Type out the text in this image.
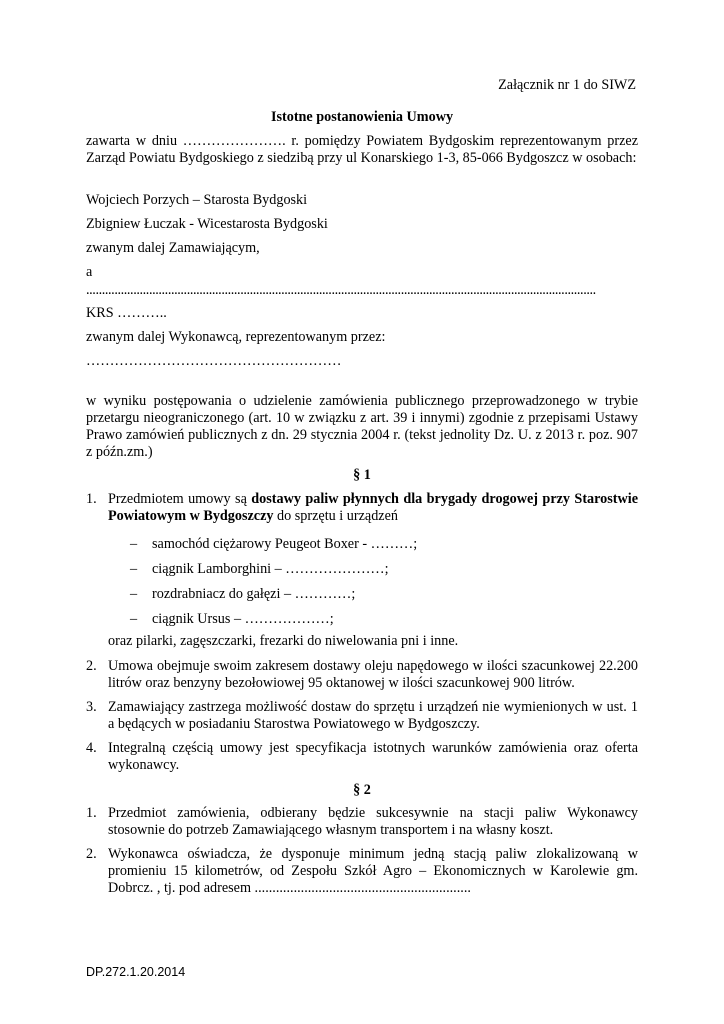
Załącznik nr 1 do SIWZ
Istotne postanowienia Umowy
zawarta w dniu …………………. r. pomiędzy Powiatem Bydgoskim reprezentowanym przez Zarząd Powiatu Bydgoskiego z siedzibą przy ul Konarskiego 1-3, 85-066 Bydgoszcz w osobach:
Wojciech Porzych – Starosta Bydgoski
Zbigniew Łuczak - Wicestarosta Bydgoski
zwanym dalej Zamawiającym,
a
..................................................................................................................................................................
KRS ………..
zwanym dalej Wykonawcą, reprezentowanym przez:
………………………………………………
w wyniku postępowania o udzielenie zamówienia publicznego przeprowadzonego w trybie przetargu nieograniczonego (art. 10 w związku z art. 39 i innymi) zgodnie z przepisami Ustawy Prawo zamówień publicznych z dn. 29 stycznia 2004 r. (tekst jednolity Dz. U. z 2013 r. poz. 907 z późn.zm.)
§ 1
1. Przedmiotem umowy są dostawy paliw płynnych dla brygady drogowej przy Starostwie Powiatowym w Bydgoszczy do sprzętu i urządzeń
– samochód ciężarowy Peugeot Boxer - ………;
– ciągnik Lamborghini – …………………;
– rozdrabniacz do gałęzi – …………;
– ciągnik Ursus – ………………;
oraz pilarki, zagęszczarki, frezarki do niwelowania pni i inne.
2. Umowa obejmuje swoim zakresem dostawy oleju napędowego w ilości szacunkowej 22.200 litrów oraz benzyny bezołowiowej 95 oktanowej w ilości szacunkowej 900 litrów.
3. Zamawiający zastrzega możliwość dostaw do sprzętu i urządzeń nie wymienionych w ust. 1 a będących w posiadaniu Starostwa Powiatowego w Bydgoszczy.
4. Integralną częścią umowy jest specyfikacja istotnych warunków zamówienia oraz oferta wykonawcy.
§ 2
1. Przedmiot zamówienia, odbierany będzie sukcesywnie na stacji paliw Wykonawcy stosownie do potrzeb Zamawiającego własnym transportem i na własny koszt.
2. Wykonawca oświadcza, że dysponuje minimum jedną stacją paliw zlokalizowaną w promieniu 15 kilometrów, od Zespołu Szkół Agro – Ekonomicznych w Karolewie gm. Dobrcz. , tj. pod adresem .............................................................
DP.272.1.20.2014
